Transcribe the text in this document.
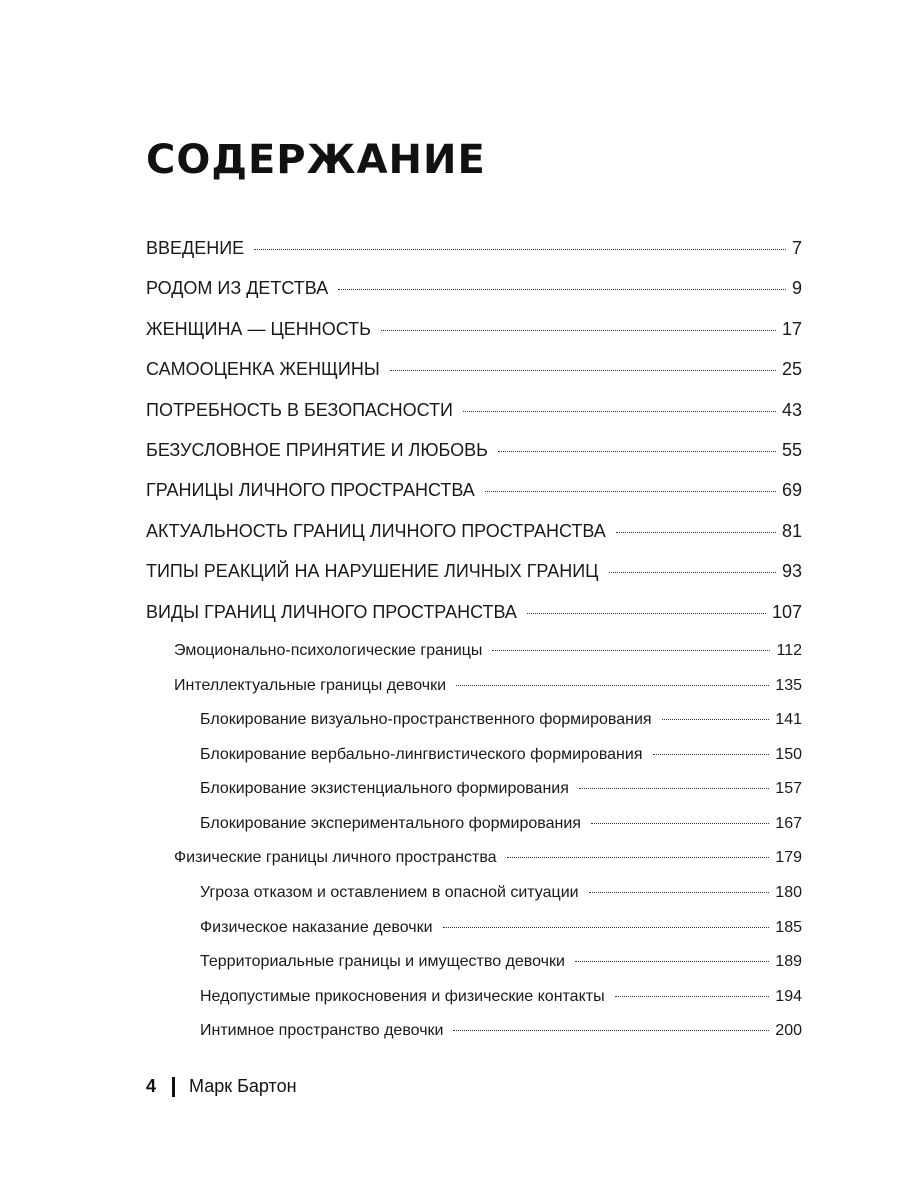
СОДЕРЖАНИЕ
ВВЕДЕНИЕ	7
РОДОМ ИЗ ДЕТСТВА	9
ЖЕНЩИНА — ЦЕННОСТЬ	17
САМООЦЕНКА ЖЕНЩИНЫ	25
ПОТРЕБНОСТЬ В БЕЗОПАСНОСТИ	43
БЕЗУСЛОВНОЕ ПРИНЯТИЕ И ЛЮБОВЬ	55
ГРАНИЦЫ ЛИЧНОГО ПРОСТРАНСТВА	69
АКТУАЛЬНОСТЬ ГРАНИЦ ЛИЧНОГО ПРОСТРАНСТВА	81
ТИПЫ РЕАКЦИЙ НА НАРУШЕНИЕ ЛИЧНЫХ ГРАНИЦ	93
ВИДЫ ГРАНИЦ ЛИЧНОГО ПРОСТРАНСТВА	107
Эмоционально-психологические границы	112
Интеллектуальные границы девочки	135
Блокирование визуально-пространственного формирования	141
Блокирование вербально-лингвистического формирования	150
Блокирование экзистенциального формирования	157
Блокирование экспериментального формирования	167
Физические границы личного пространства	179
Угроза отказом и оставлением в опасной ситуации	180
Физическое наказание девочки	185
Территориальные границы и имущество девочки	189
Недопустимые прикосновения и физические контакты	194
Интимное пространство девочки	200
4 Марк Бартон
